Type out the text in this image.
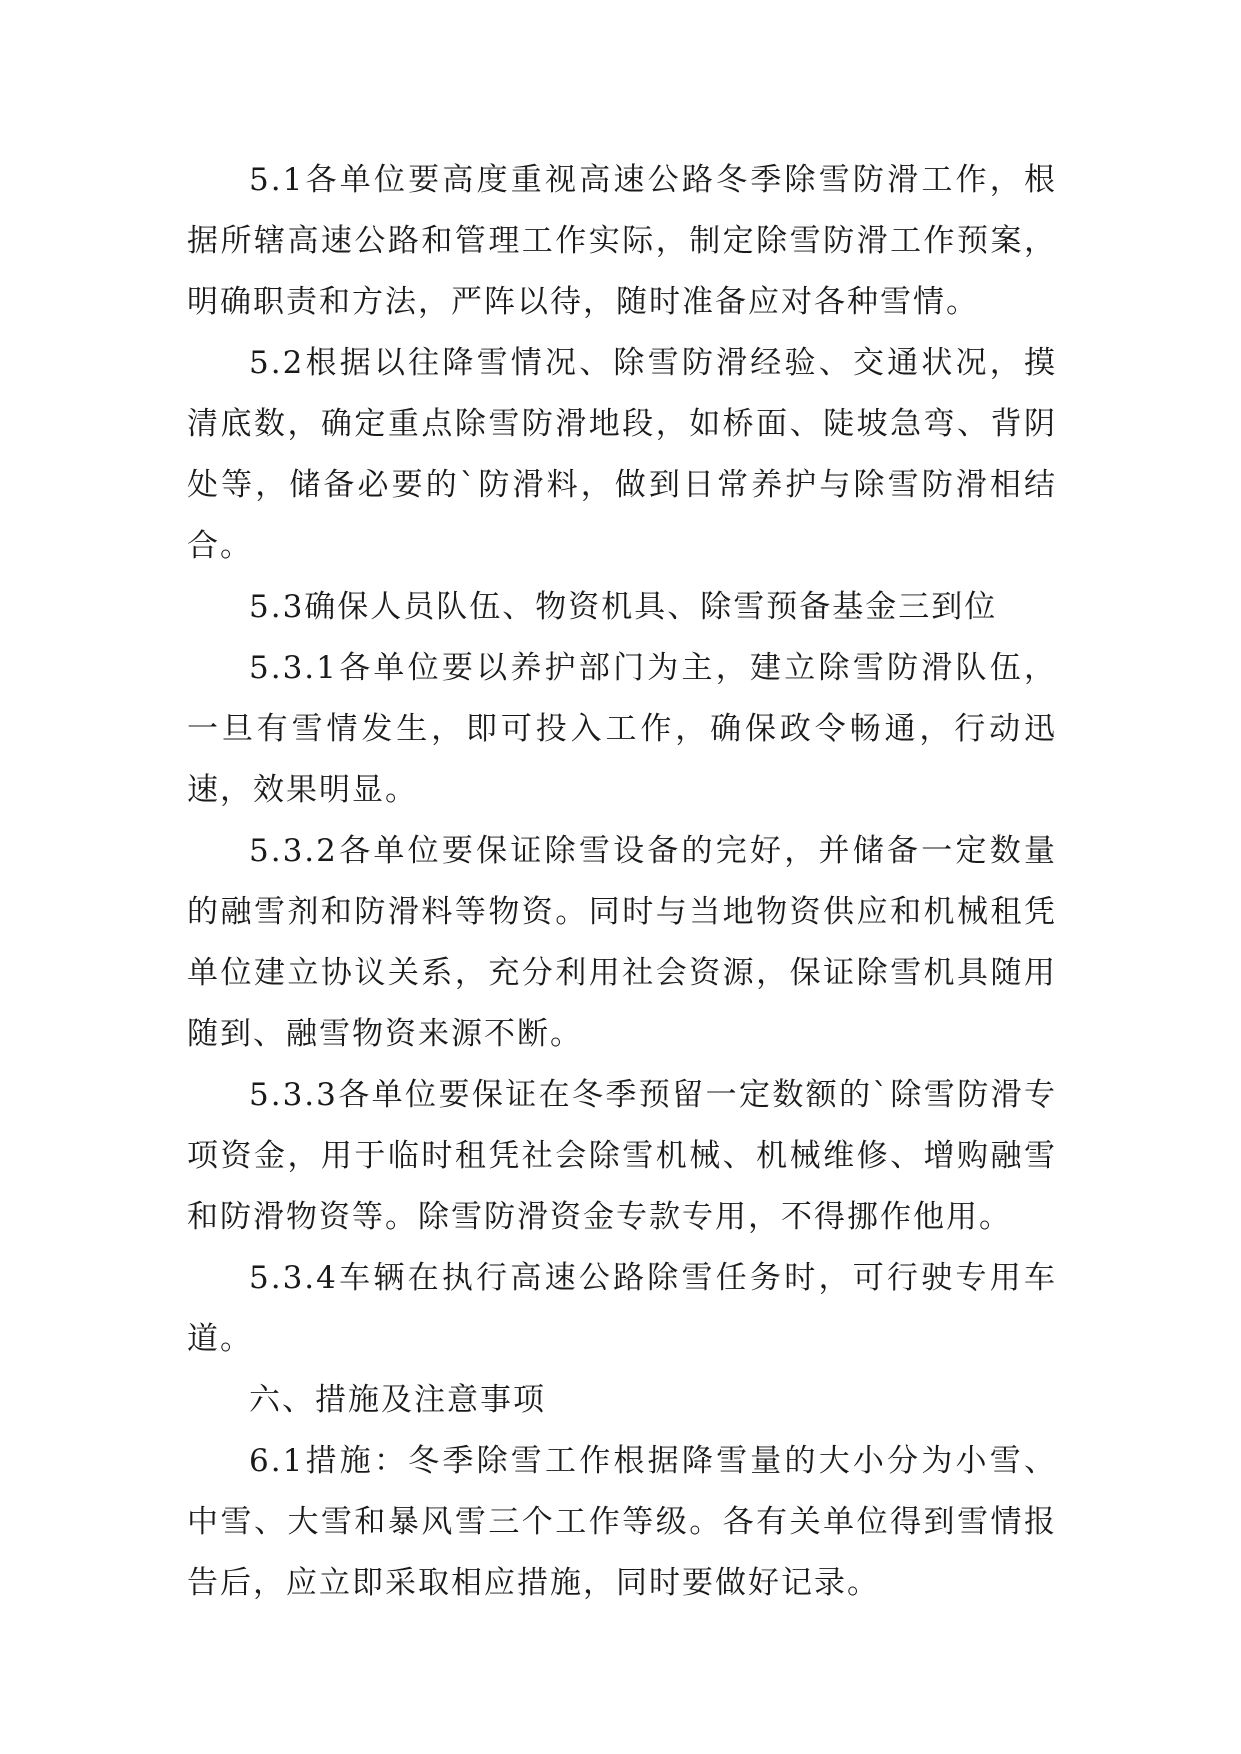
5.1各单位要高度重视高速公路冬季除雪防滑工作，根据所辖高速公路和管理工作实际，制定除雪防滑工作预案，明确职责和方法，严阵以待，随时准备应对各种雪情。

5.2根据以往降雪情况、除雪防滑经验、交通状况，摸清底数，确定重点除雪防滑地段，如桥面、陡坡急弯、背阴处等，储备必要的`防滑料，做到日常养护与除雪防滑相结合。

5.3确保人员队伍、物资机具、除雪预备基金三到位

5.3.1各单位要以养护部门为主，建立除雪防滑队伍，一旦有雪情发生，即可投入工作，确保政令畅通，行动迅速，效果明显。

5.3.2各单位要保证除雪设备的完好，并储备一定数量的融雪剂和防滑料等物资。同时与当地物资供应和机械租凭单位建立协议关系，充分利用社会资源，保证除雪机具随用随到、融雪物资来源不断。

5.3.3各单位要保证在冬季预留一定数额的`除雪防滑专项资金，用于临时租凭社会除雪机械、机械维修、增购融雪和防滑物资等。除雪防滑资金专款专用，不得挪作他用。

5.3.4车辆在执行高速公路除雪任务时，可行驶专用车道。

六、措施及注意事项

6.1措施：冬季除雪工作根据降雪量的大小分为小雪、中雪、大雪和暴风雪三个工作等级。各有关单位得到雪情报告后，应立即采取相应措施，同时要做好记录。
